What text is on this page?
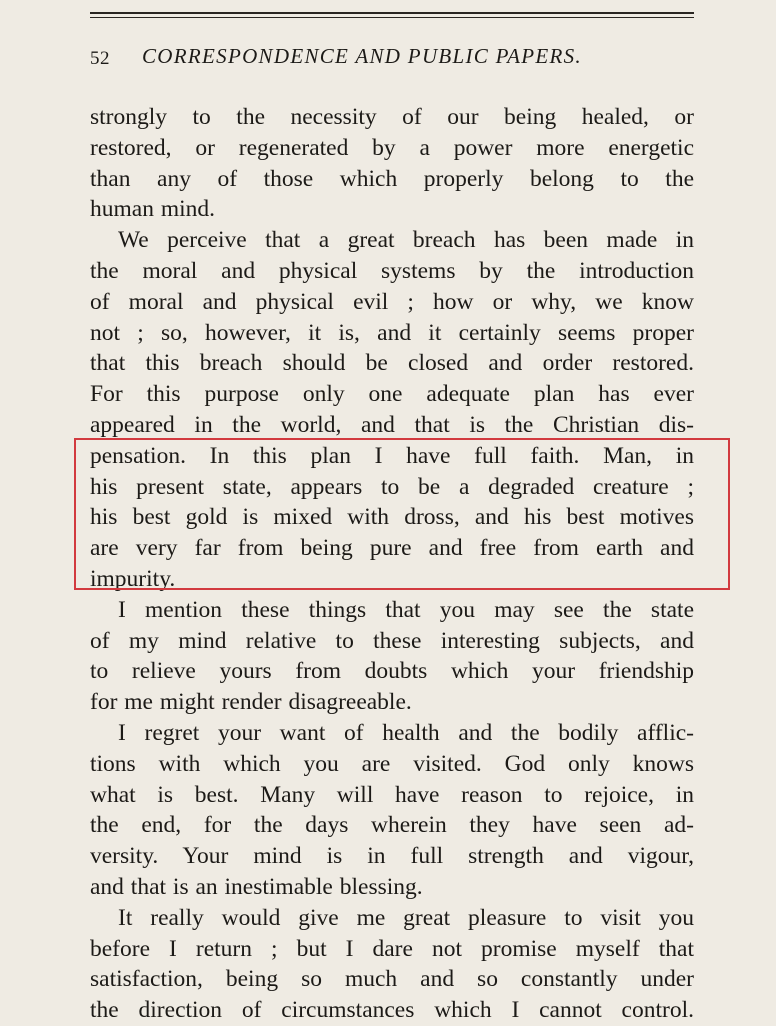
52 CORRESPONDENCE AND PUBLIC PAPERS.
strongly to the necessity of our being healed, or
restored, or regenerated by a power more energetic
than any of those which properly belong to the
human mind.
We perceive that a great breach has been made in
the moral and physical systems by the introduction
of moral and physical evil ; how or why, we know
not ; so, however, it is, and it certainly seems proper
that this breach should be closed and order restored.
For this purpose only one adequate plan has ever
appeared in the world, and that is the Christian dis-
pensation. In this plan I have full faith. Man, in
his present state, appears to be a degraded creature ;
his best gold is mixed with dross, and his best motives
are very far from being pure and free from earth and
impurity.
I mention these things that you may see the state
of my mind relative to these interesting subjects, and
to relieve yours from doubts which your friendship
for me might render disagreeable.
I regret your want of health and the bodily afflic-
tions with which you are visited. God only knows
what is best. Many will have reason to rejoice, in
the end, for the days wherein they have seen ad-
versity. Your mind is in full strength and vigour,
and that is an inestimable blessing.
It really would give me great pleasure to visit you
before I return ; but I dare not promise myself that
satisfaction, being so much and so constantly under
the direction of circumstances which I cannot control.
